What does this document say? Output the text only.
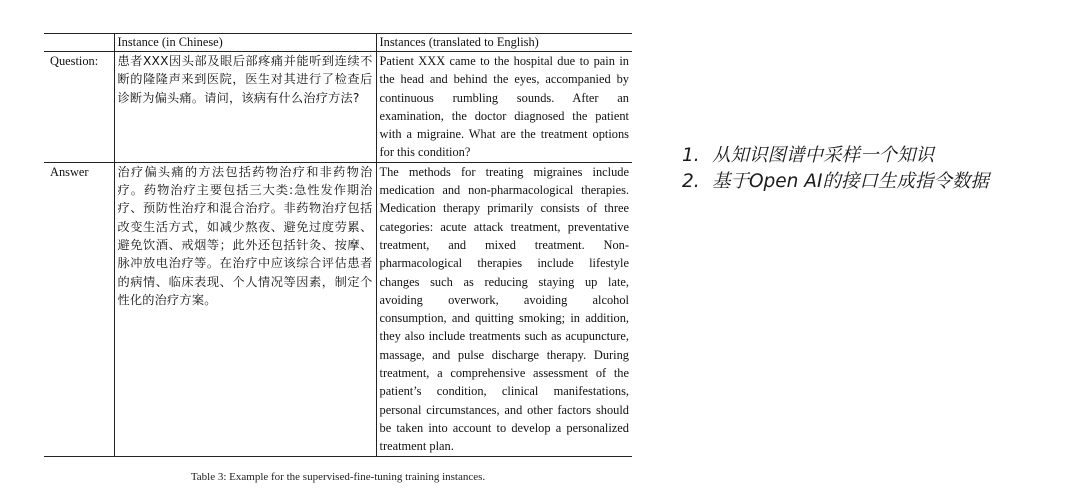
	Instance (in Chinese)	Instances (translated to English)
Question:	患者XXX因头部及眼后部疼痛并能听到连续不断的隆隆声来到医院，医生对其进行了检查后诊断为偏头痛。请问，该病有什么治疗方法?	Patient XXX came to the hospital due to pain in the head and behind the eyes, accompanied by continuous rumbling sounds. After an examination, the doctor diagnosed the patient with a migraine. What are the treatment options for this condition?
Answer	治疗偏头痛的方法包括药物治疗和非药物治疗。药物治疗主要包括三大类:急性发作期治疗、预防性治疗和混合治疗。非药物治疗包括改变生活方式，如减少熬夜、避免过度劳累、避免饮酒、戒烟等；此外还包括针灸、按摩、脉冲放电治疗等。在治疗中应该综合评估患者的病情、临床表现、个人情况等因素，制定个性化的治疗方案。	The methods for treating migraines include medication and non-pharmacological therapies. Medication therapy primarily consists of three categories: acute attack treatment, preventative treatment, and mixed treatment. Non-pharmacological therapies include lifestyle changes such as reducing staying up late, avoiding overwork, avoiding alcohol consumption, and quitting smoking; in addition, they also include treatments such as acupuncture, massage, and pulse discharge therapy. During treatment, a comprehensive assessment of the patient’s condition, clinical manifestations, personal circumstances, and other factors should be taken into account to develop a personalized treatment plan.
Table 3: Example for the supervised-fine-tuning training instances.
1. 从知识图谱中采样一个知识
2. 基于Open AI的接口生成指令数据
